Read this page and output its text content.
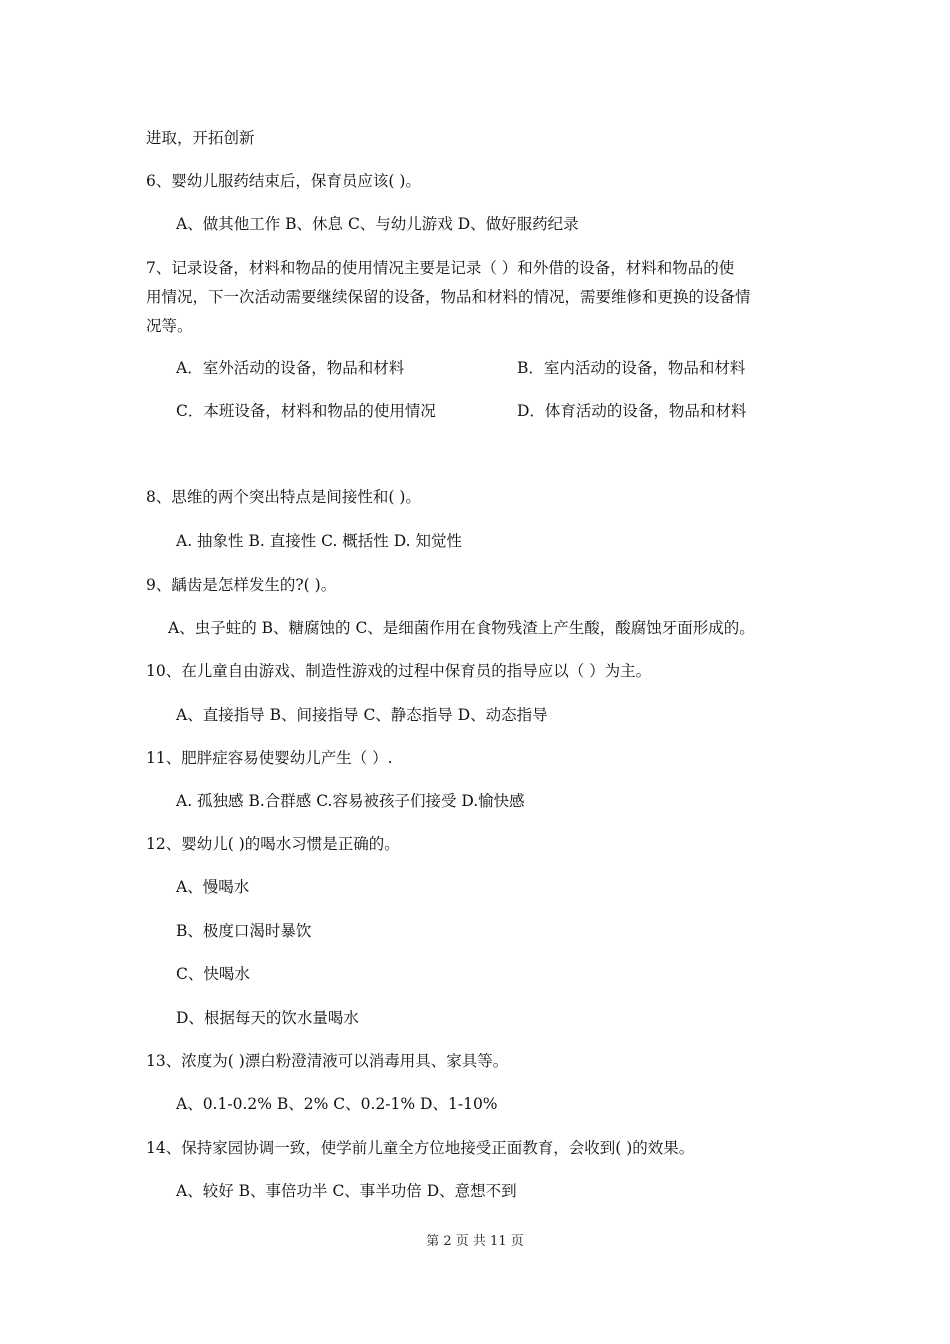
进取，开拓创新
6、婴幼儿服药结束后，保育员应该( )。
A、做其他工作 B、休息 C、与幼儿游戏 D、做好服药纪录
7、记录设备，材料和物品的使用情况主要是记录（ ）和外借的设备，材料和物品的使
用情况，下一次活动需要继续保留的设备，物品和材料的情况，需要维修和更换的设备情
况等。
A．室外活动的设备，物品和材料	B．室内活动的设备，物品和材料
C．本班设备，材料和物品的使用情况	D．体育活动的设备，物品和材料
8、思维的两个突出特点是间接性和( )。
A. 抽象性 B. 直接性 C. 概括性 D. 知觉性
9、龋齿是怎样发生的?( )。
A、虫子蛀的 B、糖腐蚀的 C、是细菌作用在食物残渣上产生酸，酸腐蚀牙面形成的。
10、在儿童自由游戏、制造性游戏的过程中保育员的指导应以（ ）为主。
A、直接指导 B、间接指导 C、静态指导 D、动态指导
11、肥胖症容易使婴幼儿产生（ ）.
A. 孤独感 B.合群感 C.容易被孩子们接受 D.愉快感
12、婴幼儿( )的喝水习惯是正确的。
A、慢喝水
B、极度口渴时暴饮
C、快喝水
D、根据每天的饮水量喝水
13、浓度为( )漂白粉澄清液可以消毒用具、家具等。
A、0.1-0.2% B、2% C、0.2-1% D、1-10%
14、保持家园协调一致，使学前儿童全方位地接受正面教育，会收到( )的效果。
A、较好 B、事倍功半 C、事半功倍 D、意想不到
第 2 页 共 11 页
